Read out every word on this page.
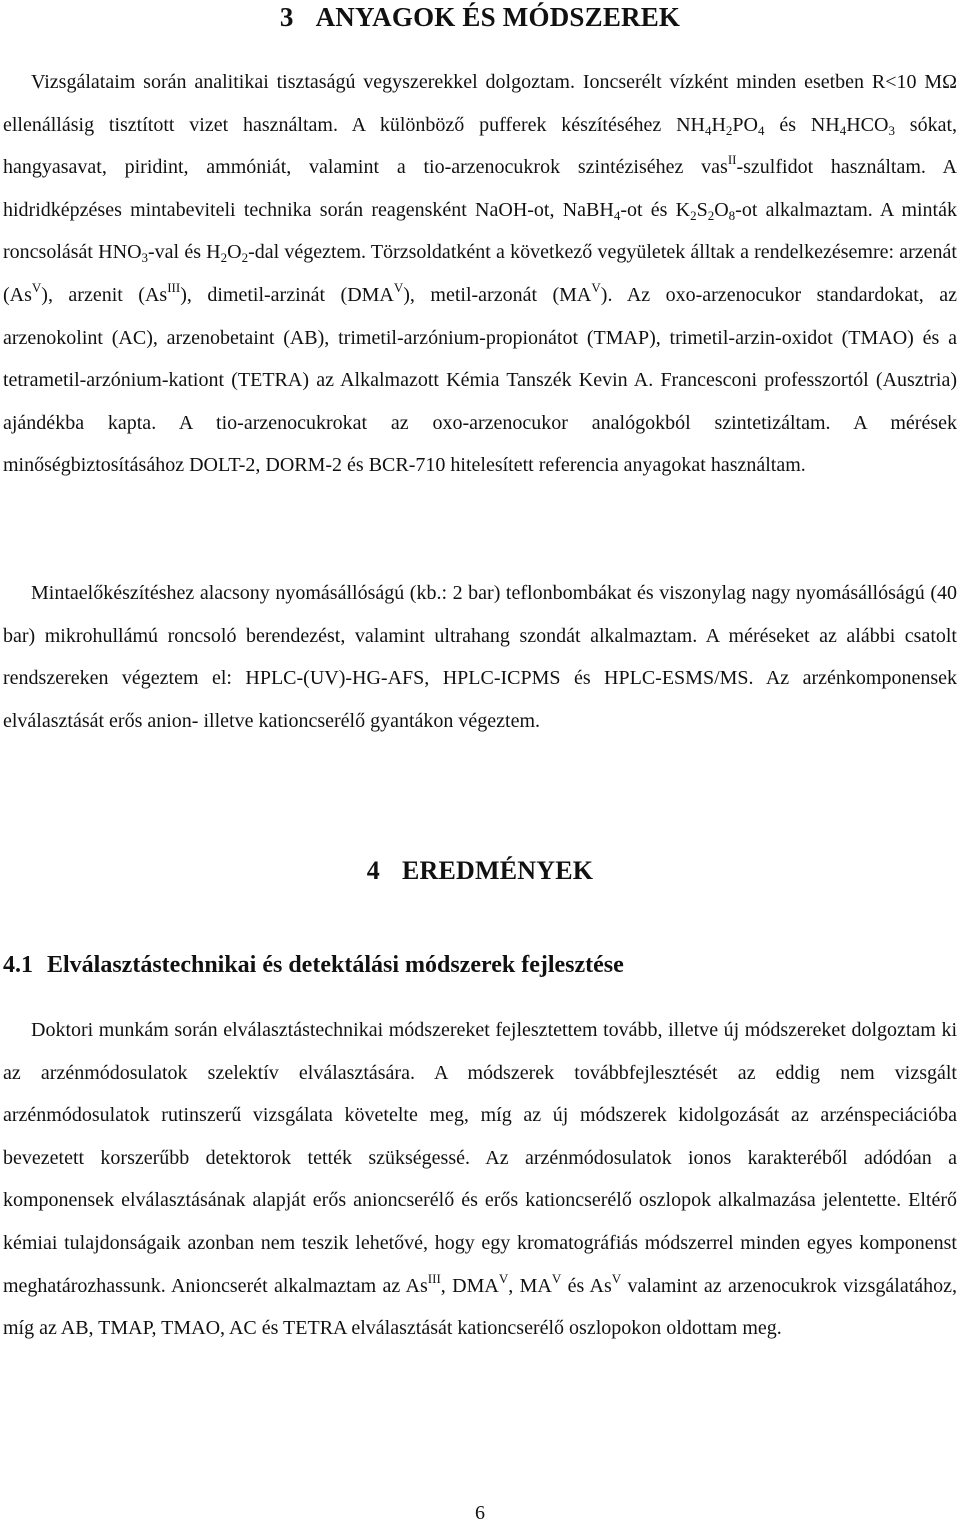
3 ANYAGOK ÉS MÓDSZEREK
Vizsgálataim során analitikai tisztaságú vegyszerekkel dolgoztam. Ioncserélt vízként minden esetben R<10 MΩ ellenállásig tisztított vizet használtam. A különböző pufferek készítéséhez $NH_4H_2PO_4$ és $NH_4HCO_3$ sókat, hangyasavat, piridint, ammóniát, valamint a tio-arzenocukrok szintéziséhez vas$^{II}$-szulfidot használtam. A hidridképzéses mintabeviteli technika során reagensként NaOH-ot, NaBH$_4$-ot és $K_2S_2O_8-ot$ alkalmaztam. A minták roncsolását $HNO_3$-val és $H_2O_2$-dal végeztem. Törzsoldatként a következő vegyületek álltak a rendelkezésemre: arzenát $(As^V)$, arzenit $(As^{III})$, dimetil-arzinát $(DMA^V)$, metil-arzonát $(MA^V)$. Az oxo-arzenocukor standardokat, az arzenokolint (AC), arzenobetaint (AB), trimetil-arzónium-propionátot (TMAP), trimetil-arzin-oxidot (TMAO) és a tetrametil-arzónium-kationt (TETRA) az Alkalmazott Kémia Tanszék Kevin A. Francesconi professzortól (Ausztria) ajándékba kapta. A tio-arzenocukrokat az oxo-arzenocukor analógokból szintetizáltam. A mérések minőségbiztosításához DOLT-2, DORM-2 és BCR-710 hitelesített referencia anyagokat használtam.
Mintaelőkészítéshez alacsony nyomásállóságú (kb.: 2 bar) teflonbombákat és viszonylag nagy nyomásállóságú (40 bar) mikrohullámú roncsoló berendezést, valamint ultrahang szondát alkalmaztam. A méréseket az alábbi csatolt rendszereken végeztem el: HPLC-(UV)-HG-AFS, HPLC-ICPMS és HPLC-ESMS/MS. Az arzénkomponensek elválasztását erős anion- illetve kationcserélő gyantákon végeztem.
4 EREDMÉNYEK
4.1 Elválasztástechnikai és detektálási módszerek fejlesztése
Doktori munkám során elválasztástechnikai módszereket fejlesztettem tovább, illetve új módszereket dolgoztam ki az arzénmódosulatok szelektív elválasztására. A módszerek továbbfejlesztését az eddig nem vizsgált arzénmódosulatok rutinszerű vizsgálata követelte meg, míg az új módszerek kidolgozását az arzénspeciációba bevezetett korszerűbb detektorok tették szükségessé. Az arzénmódosulatok ionos karakteréből adódóan a komponensek elválasztásának alapját erős anioncserélő és erős kationcserélő oszlopok alkalmazása jelentette. Eltérő kémiai tulajdonságaik azonban nem teszik lehetővé, hogy egy kromatográfiás módszerrel minden egyes komponenst meghatározhassunk. Anioncserét alkalmaztam az $As^{III}$, $DMA^V$, $MA^V$ és $As^V$ valamint az arzenocukrok vizsgálatához, míg az AB, TMAP, TMAO, AC és TETRA elválasztását kationcserélő oszlopokon oldottam meg.
6
